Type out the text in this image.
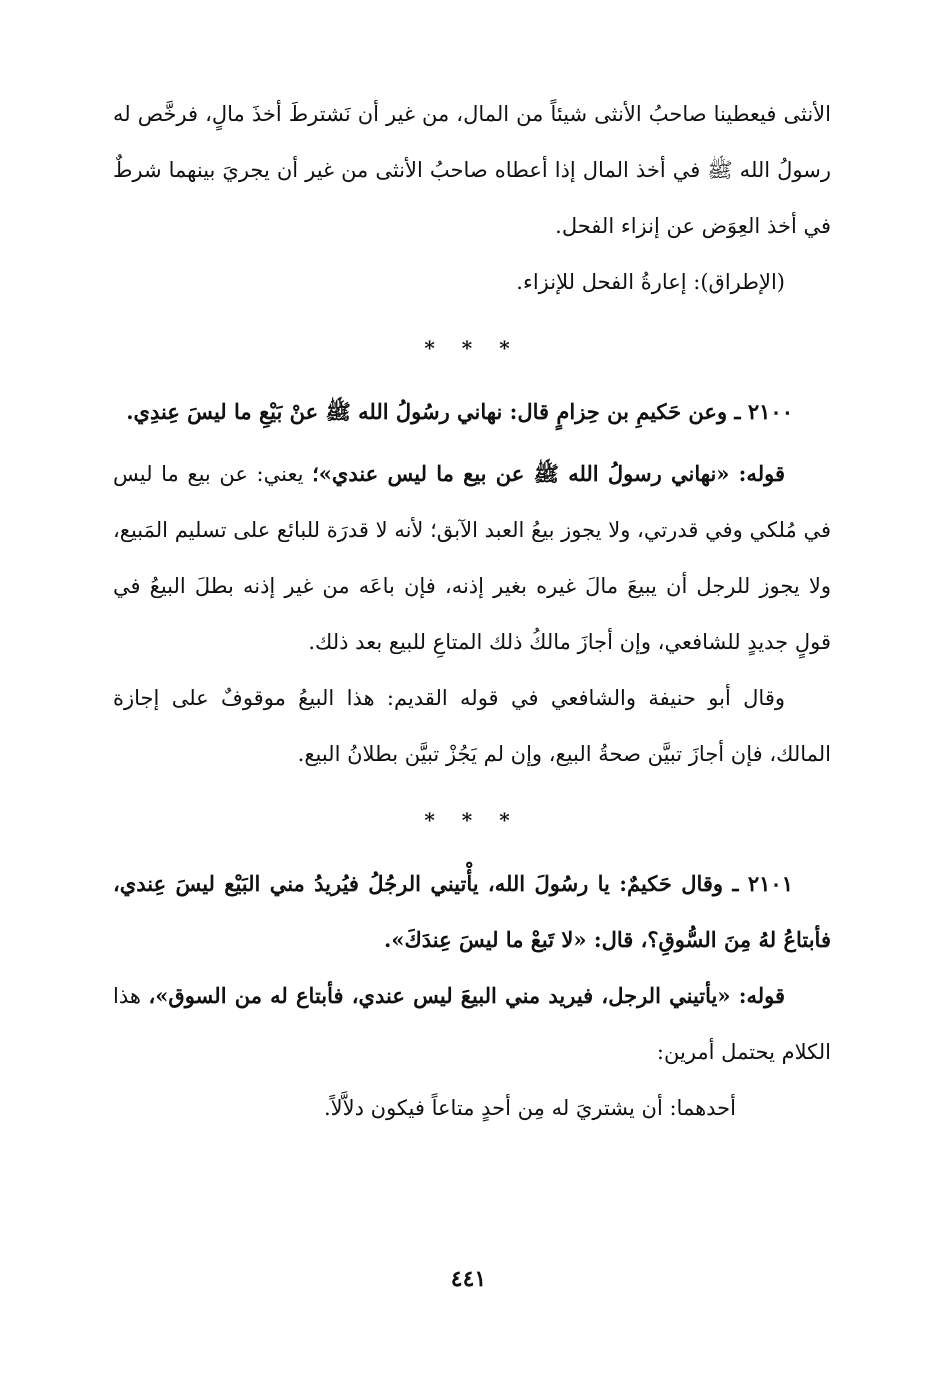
الأنثى فيعطينا صاحبُ الأنثى شيئاً من المال، من غير أن نَشترطَ أخذَ مالٍ، فرخَّص له رسولُ الله ﷺ في أخذ المال إذا أعطاه صاحبُ الأنثى من غير أن يجريَ بينهما شرطٌ في أخذ العِوَض عن إنزاء الفحل.

(الإطراق): إعارةُ الفحل للإنزاء.

* * *

٢١٠٠ ـ وعن حَكيمِ بن حِزامٍ قال: نهاني رسُولُ الله ﷺ عنْ بَيْعِ ما ليسَ عِندِي.

قوله: «نهاني رسولُ الله ﷺ عن بيع ما ليس عندي»؛ يعني: عن بيع ما ليس في مُلكي وفي قدرتي، ولا يجوز بيعُ العبد الآبق؛ لأنه لا قدرَة للبائع على تسليم المَبيع، ولا يجوز للرجل أن يبيعَ مالَ غيره بغير إذنه، فإن باعَه من غير إذنه بطلَ البيعُ في قولٍ جديدٍ للشافعي، وإن أجازَ مالكُ ذلك المتاعِ للبيع بعد ذلك.

وقال أبو حنيفة والشافعي في قوله القديم: هذا البيعُ موقوفٌ على إجازة المالك، فإن أجازَ تبيَّن صحةُ البيع، وإن لم يَجُزْ تبيَّن بطلانُ البيع.

* * *

٢١٠١ ـ وقال حَكيمٌ: يا رسُولَ الله، يأْتيني الرجُلُ فيُريدُ مني البَيْع ليسَ عِندي، فأبتاعُ لهُ مِنَ السُّوقِ؟، قال: «لا تَبعْ ما ليسَ عِندَكَ».

قوله: «يأتيني الرجل، فيريد مني البيعَ ليس عندي، فأبتاع له من السوق»، هذا الكلام يحتمل أمرين:

أحدهما: أن يشتريَ له مِن أحدٍ متاعاً فيكون دلاَّلاً.

٤٤١
